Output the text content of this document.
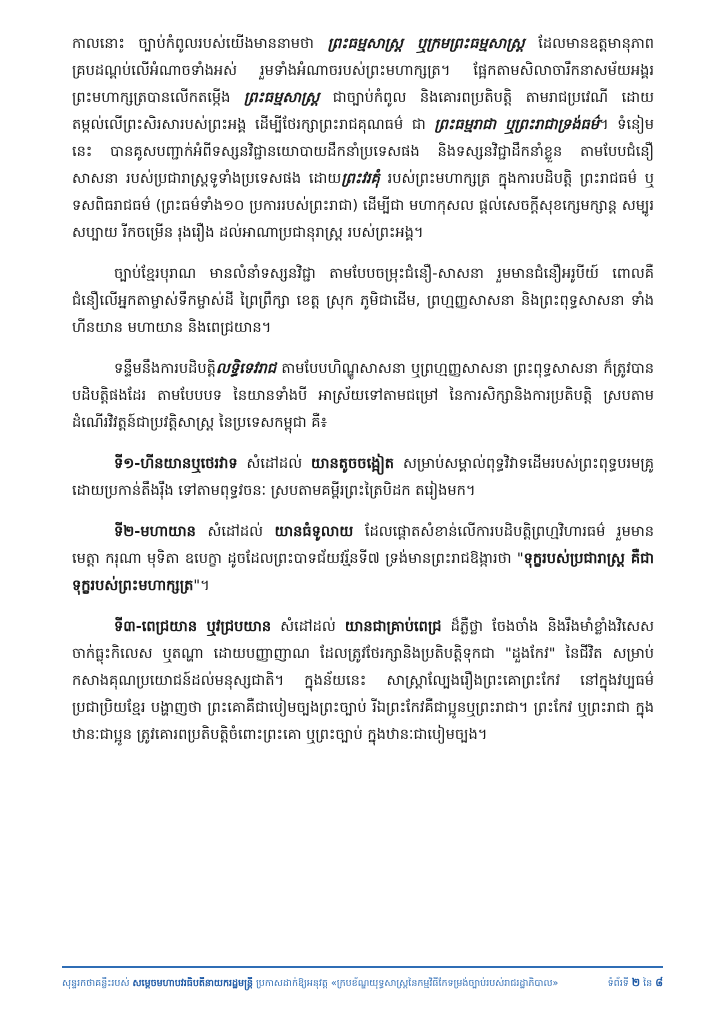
កាលនោះ ច្បាប់កំពូលរបស់យើងមាននាមថា ព្រះធម្មសាស្ត្រ ឬក្រមព្រះធម្មសាស្ត្រ ដែលមានឧត្តមានុភាពគ្របដណ្តប់លើអំណាចទាំងអស់ រួមទាំងអំណាចរបស់ព្រះមហាក្សត្រ។ ផ្អែកតាមសិលាចារឹកនាសម័យអង្គរ ព្រះមហាក្សត្របានលើកតម្កើង ព្រះធម្មសាស្ត្រ ជាច្បាប់កំពូល និងគោរពប្រតិបត្តិ តាមរាជប្រវេណី ដោយតម្កល់លើព្រះសិរសារបស់ព្រះអង្គ ដើម្បីថែរក្សាព្រះរាជគុណធម៌ ជា ព្រះធម្មរាជា ឬព្រះរាជាទ្រង់ធម៌។ ទំនៀមនេះ បានគូសបញ្ជាក់អំពីទស្សនវិជ្ជានយោបាយដឹកនាំប្រទេសផង និងទស្សនវិជ្ជាដឹកនាំខ្លួន តាមបែបជំនឿសាសនា របស់ប្រជារាស្ត្រទូទាំងប្រទេសផង ដោយព្រះវរគុំ របស់ព្រះមហាក្សត្រ ក្នុងការបដិបត្តិ ព្រះរាជធម៌ ឬ ទសពិធរាជធម៌ (ព្រះធម៌ទាំង១០ ប្រការរបស់ព្រះរាជា) ដើម្បីជា មហាកុសល ផ្តល់សេចក្តីសុខក្សេមក្សាន្ត សម្បូរសប្បាយ រីកចម្រើន រុងរឿង ដល់អាណាប្រជានុរាស្ត្រ របស់ព្រះអង្គ។

ច្បាប់ខ្មែរបុរាណ មានលំនាំទស្សនវិជ្ជា តាមបែបចម្រុះជំនឿ-សាសនា រួមមានជំនឿអរូបីយ៍ ពោលគឺជំនឿលើអ្នកតាម្ចាស់ទឹកម្ចាស់ដី ព្រៃព្រឹក្សា ខេត្ត ស្រុក ភូមិជាដើម, ព្រហ្មញ្ញសាសនា និងព្រះពុទ្ធសាសនា ទាំងហីនយាន មហាយាន និងពេជ្រយាន។

ទន្ទឹមនឹងការបដិបត្តិលទ្ធិទេវរាជ តាមបែបហិណ្ឌូសាសនា ឬព្រហ្មញ្ញសាសនា ព្រះពុទ្ធសាសនា ក៏ត្រូវបានបដិបត្តិផងដែរ តាមបែបបទ នៃយានទាំងបី អាស្រ័យទៅតាមជម្រៅ នៃការសិក្សានិងការប្រតិបត្តិ ស្របតាមដំណើរវិវត្តន៍ជាប្រវត្តិសាស្ត្រ នៃប្រទេសកម្ពុជា គឺ៖

ទី១-ហីនយានឬថេរវាទ សំដៅដល់ យានតូចចង្អៀត សម្រាប់សម្គាល់ពុទ្ធវិវាទដើមរបស់ព្រះពុទ្ធបរមគ្រូ ដោយប្រកាន់តឹងរ៉ឹង ទៅតាមពុទ្ធវចនៈ ស្របតាមគម្ពីរព្រះត្រៃបិដក តរៀងមក។

ទី២-មហាយាន សំដៅដល់ យានធំទូលាយ ដែលផ្តោតសំខាន់លើការបដិបត្តិព្រហ្មវិហារធម៌ រួមមាន មេត្តា ករុណា មុទិតា ឧបេក្ខា ដូចដែលព្រះបាទជ័យវរ្ម័នទី៧ ទ្រង់មានព្រះរាជឱង្ការថា "ទុក្ខរបស់ប្រជារាស្ត្រ គឺជាទុក្ខរបស់ព្រះមហាក្សត្រ"។

ទី៣-ពេជ្រយាន ឬវជ្របយាន សំដៅដល់ យានជាគ្រាប់ពេជ្រ ដ៏ភ្លឺថ្លា ចែងចាំង និងរឹងមាំខ្លាំងវិសេស ចាក់ធ្លុះកិលេស ឬតណ្ហា ដោយបញ្ញាញាណ ដែលត្រូវថែរក្សានិងប្រតិបត្តិទុកជា "ដួងកែវ" នៃជីវិត សម្រាប់កសាងគុណប្រយោជន៍ដល់មនុស្សជាតិ។ ក្នុងន័យនេះ សាស្ត្រាល្បែងរឿងព្រះគោព្រះកែវ នៅក្នុងវប្បធម៌ប្រជាប្រិយខ្មែរ បង្ហាញថា ព្រះគោគឺជាបៀមច្បងព្រះច្បាប់ រីឯព្រះកែវគឺជាប្អូនឬព្រះរាជា។ ព្រះកែវ ឬព្រះរាជា ក្នុងឋានៈជាប្អូន ត្រូវគោរពប្រតិបត្តិចំពោះព្រះគោ ឬព្រះច្បាប់ ក្នុងឋានៈជាបៀមច្បង។

សុន្ទរកថាគន្លឹះរបស់ សម្តេចមហាបវរធិបតីនាយករដ្ឋមន្ត្រី ប្រកាសដាក់ឱ្យអនុវត្ត «ក្របខ័ណ្ឌយុទ្ធសាស្ត្រនៃកម្មវិធីកែទម្រង់ច្បាប់របស់រាជរដ្ឋាភិបាល»	ទំព័រទី ២ នៃ ៨
